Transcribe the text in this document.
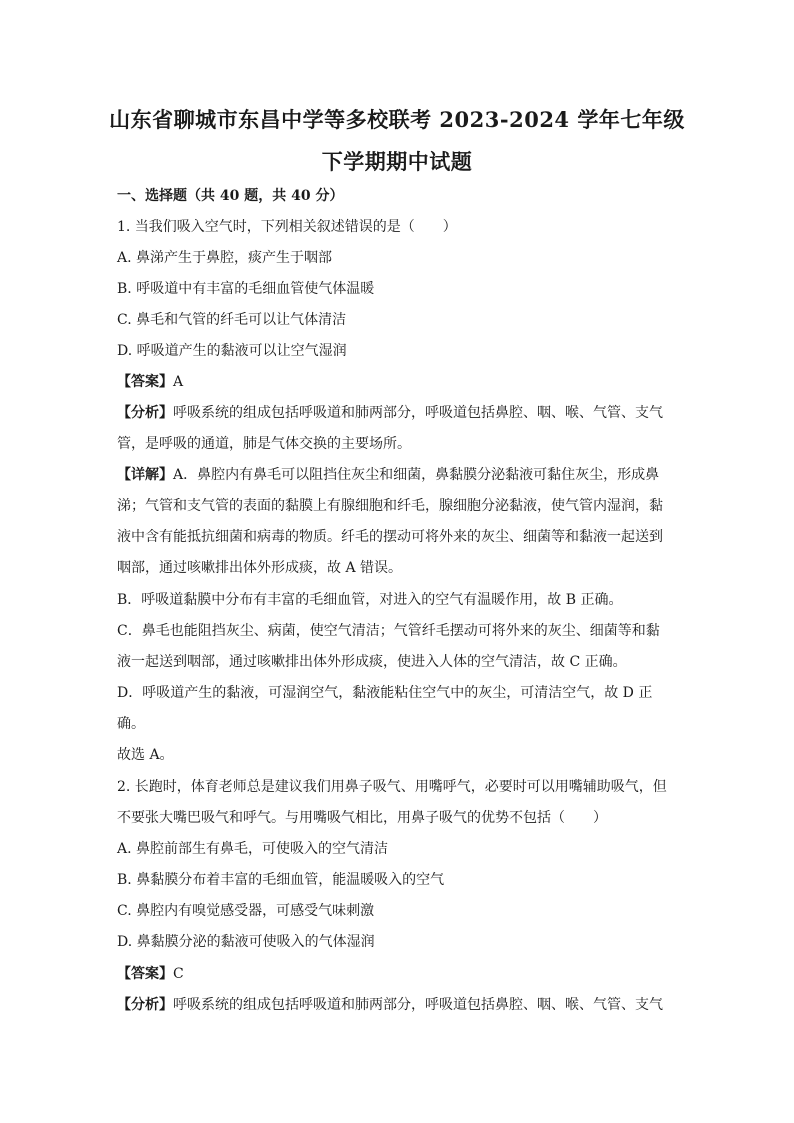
山东省聊城市东昌中学等多校联考 2023-2024 学年七年级
下学期期中试题
一、选择题（共 40 题，共 40 分）
1. 当我们吸入空气时，下列相关叙述错误的是（　　）
A. 鼻涕产生于鼻腔，痰产生于咽部
B. 呼吸道中有丰富的毛细血管使气体温暖
C. 鼻毛和气管的纤毛可以让气体清洁
D. 呼吸道产生的黏液可以让空气湿润
【答案】A
【分析】呼吸系统的组成包括呼吸道和肺两部分，呼吸道包括鼻腔、咽、喉、气管、支气
管，是呼吸的通道，肺是气体交换的主要场所。
【详解】A．鼻腔内有鼻毛可以阻挡住灰尘和细菌，鼻黏膜分泌黏液可黏住灰尘，形成鼻
涕；气管和支气管的表面的黏膜上有腺细胞和纤毛，腺细胞分泌黏液，使气管内湿润，黏
液中含有能抵抗细菌和病毒的物质。纤毛的摆动可将外来的灰尘、细菌等和黏液一起送到
咽部，通过咳嗽排出体外形成痰，故 A 错误。
B．呼吸道黏膜中分布有丰富的毛细血管，对进入的空气有温暖作用，故 B 正确。
C．鼻毛也能阻挡灰尘、病菌，使空气清洁；气管纤毛摆动可将外来的灰尘、细菌等和黏
液一起送到咽部，通过咳嗽排出体外形成痰，使进入人体的空气清洁，故 C 正确。
D．呼吸道产生的黏液，可湿润空气，黏液能粘住空气中的灰尘，可清洁空气，故 D 正
确。
故选 A。
2. 长跑时，体育老师总是建议我们用鼻子吸气、用嘴呼气，必要时可以用嘴辅助吸气，但
不要张大嘴巴吸气和呼气。与用嘴吸气相比，用鼻子吸气的优势不包括（　　）
A. 鼻腔前部生有鼻毛，可使吸入的空气清洁
B. 鼻黏膜分布着丰富的毛细血管，能温暖吸入的空气
C. 鼻腔内有嗅觉感受器，可感受气味刺激
D. 鼻黏膜分泌的黏液可使吸入的气体湿润
【答案】C
【分析】呼吸系统的组成包括呼吸道和肺两部分，呼吸道包括鼻腔、咽、喉、气管、支气
